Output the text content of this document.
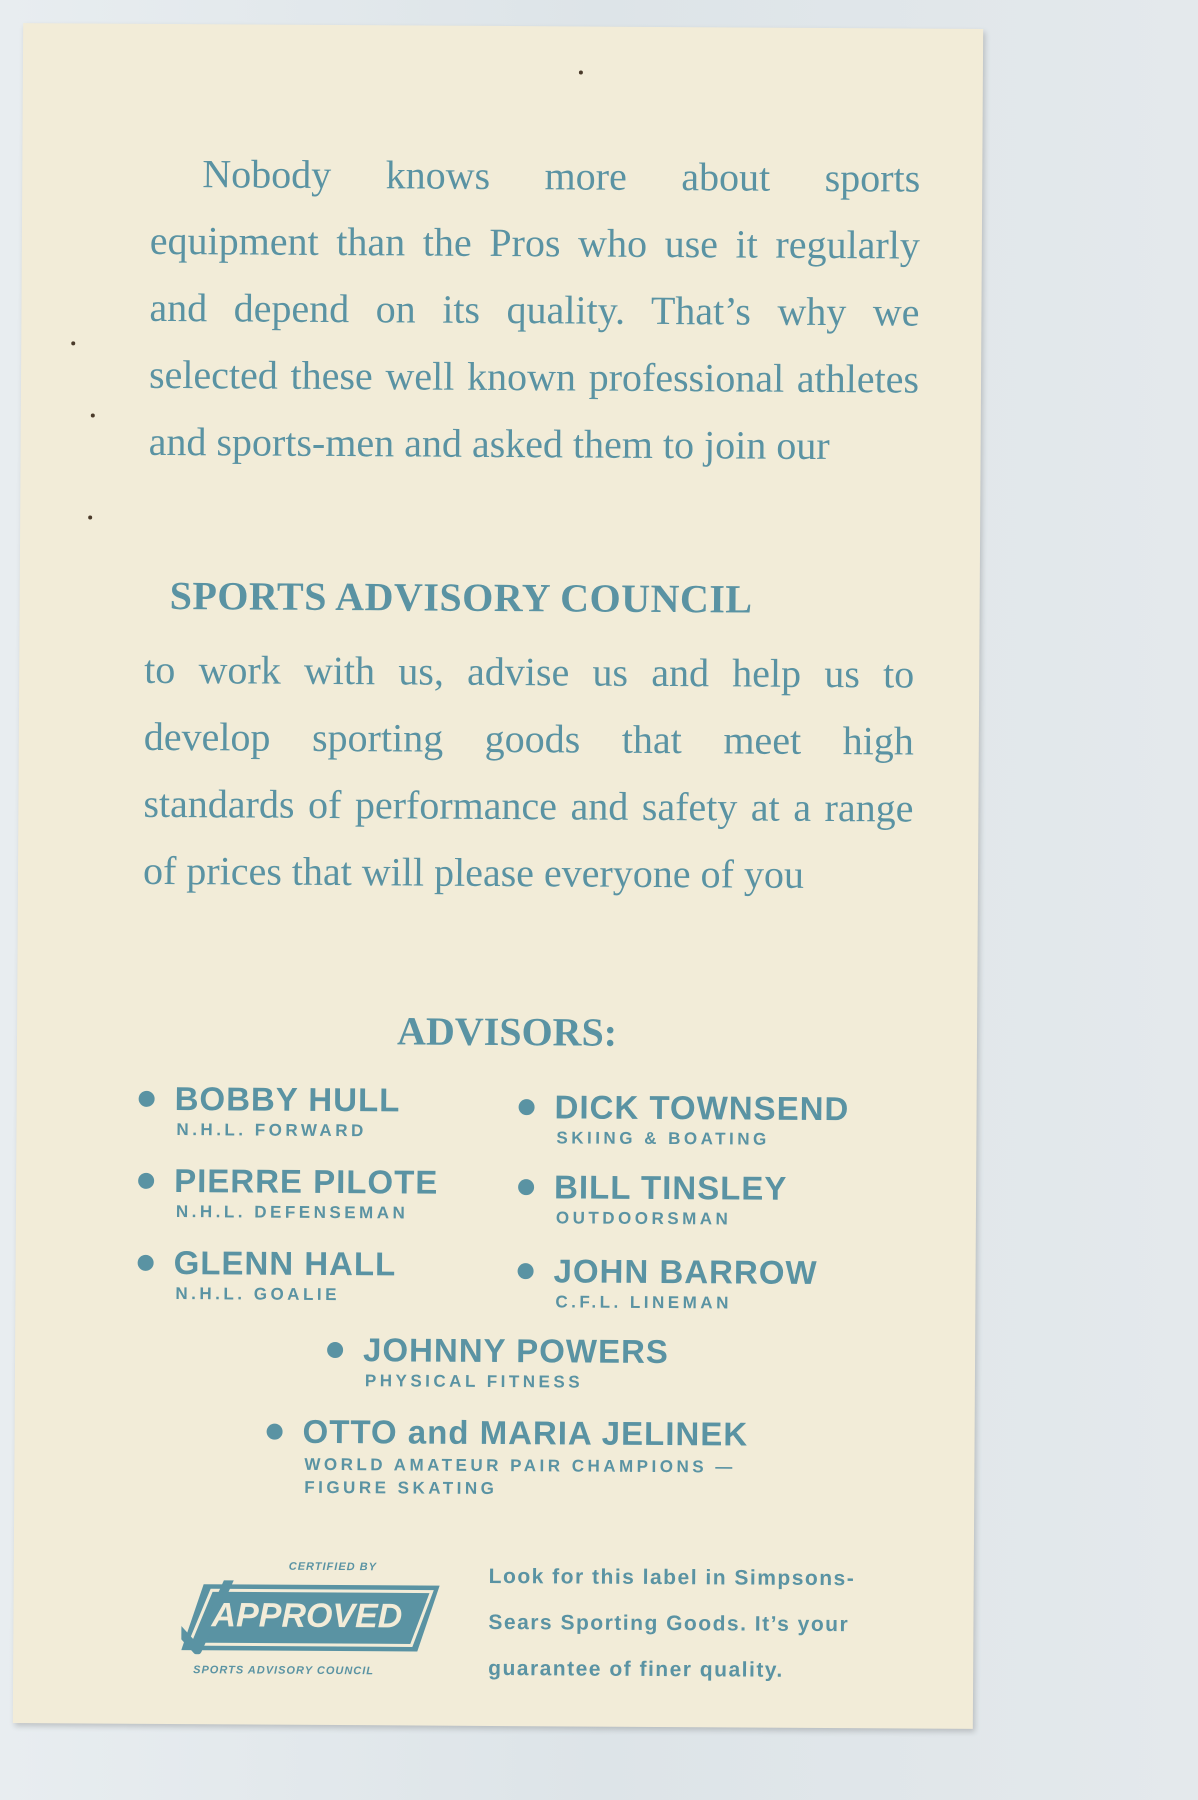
Nobody knows more about sports equipment than the Pros who use it regularly and depend on its quality. That’s why we selected these well known professional athletes and sports-men and asked them to join our
SPORTS ADVISORY COUNCIL
to work with us, advise us and help us to develop sporting goods that meet high standards of performance and safety at a range of prices that will please everyone of you
ADVISORS:
BOBBY HULL
N.H.L. FORWARD
PIERRE PILOTE
N.H.L. DEFENSEMAN
GLENN HALL
N.H.L. GOALIE
DICK TOWNSEND
SKIING & BOATING
BILL TINSLEY
OUTDOORSMAN
JOHN BARROW
C.F.L. LINEMAN
JOHNNY POWERS
PHYSICAL FITNESS
OTTO and MARIA JELINEK
WORLD AMATEUR PAIR CHAMPIONS — FIGURE SKATING
CERTIFIED BY
APPROVED
SPORTS ADVISORY COUNCIL
Look for this label in Simpsons-Sears Sporting Goods. It’s your guarantee of finer quality.
